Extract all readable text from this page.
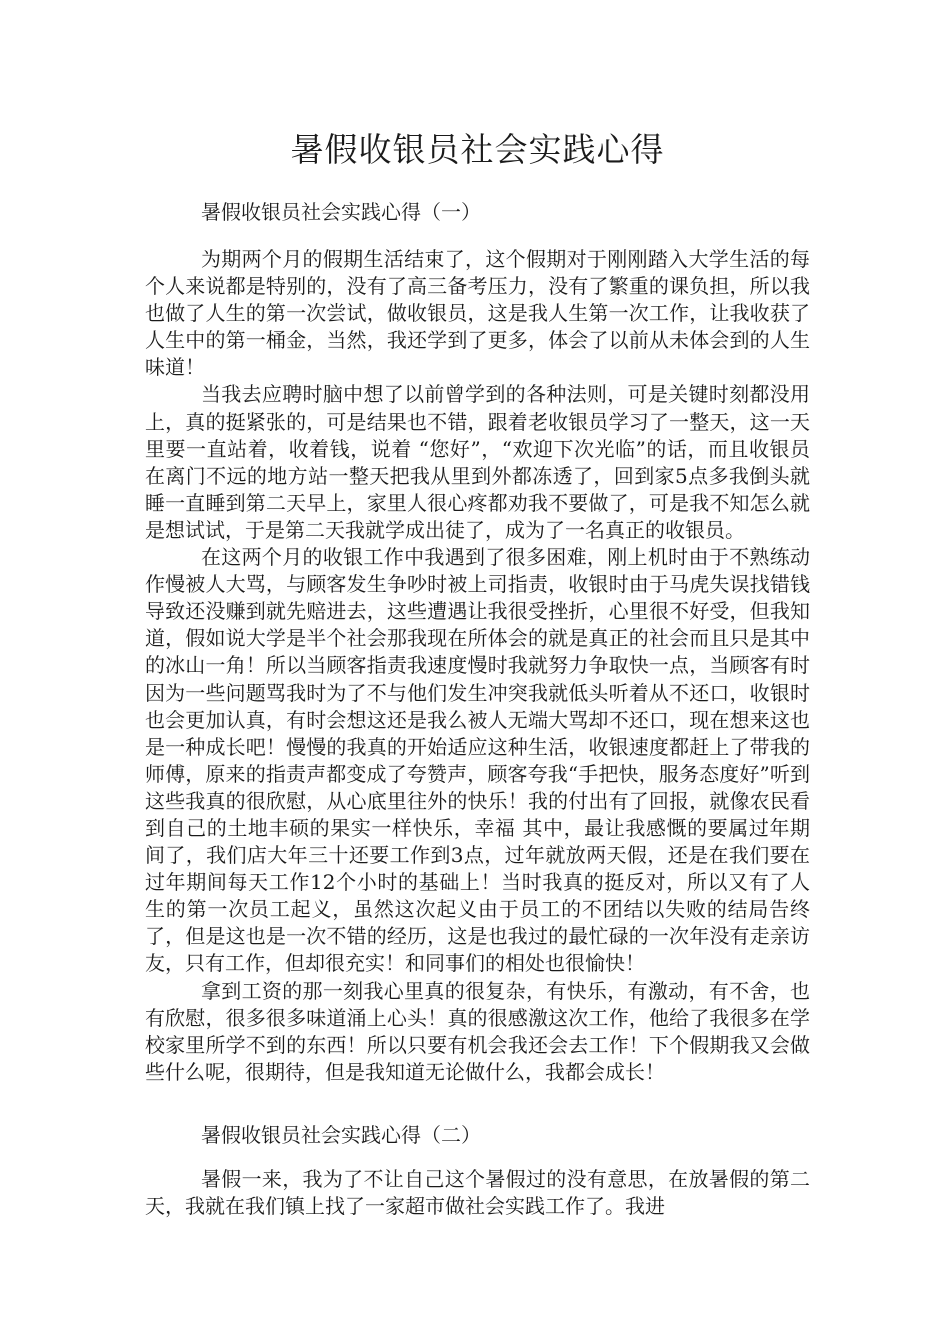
暑假收银员社会实践心得
暑假收银员社会实践心得（一）

为期两个月的假期生活结束了，这个假期对于刚刚踏入大学生活的每个人来说都是特别的，没有了高三备考压力，没有了繁重的课负担，所以我也做了人生的第一次尝试，做收银员，这是我人生第一次工作，让我收获了人生中的第一桶金，当然，我还学到了更多，体会了以前从未体会到的人生味道！

当我去应聘时脑中想了以前曾学到的各种法则，可是关键时刻都没用上，真的挺紧张的，可是结果也不错，跟着老收银员学习了一整天，这一天里要一直站着，收着钱，说着 “您好”，“欢迎下次光临”的话，而且收银员在离门不远的地方站一整天把我从里到外都冻透了，回到家5点多我倒头就睡一直睡到第二天早上，家里人很心疼都劝我不要做了，可是我不知怎么就是想试试，于是第二天我就学成出徒了，成为了一名真正的收银员。

在这两个月的收银工作中我遇到了很多困难，刚上机时由于不熟练动作慢被人大骂，与顾客发生争吵时被上司指责，收银时由于马虎失误找错钱导致还没赚到就先赔进去，这些遭遇让我很受挫折，心里很不好受，但我知道，假如说大学是半个社会那我现在所体会的就是真正的社会而且只是其中的冰山一角！所以当顾客指责我速度慢时我就努力争取快一点，当顾客有时因为一些问题骂我时为了不与他们发生冲突我就低头听着从不还口，收银时也会更加认真，有时会想这还是我么被人无端大骂却不还口，现在想来这也是一种成长吧！慢慢的我真的开始适应这种生活，收银速度都赶上了带我的师傅，原来的指责声都变成了夸赞声，顾客夸我“手把快，服务态度好”听到这些我真的很欣慰，从心底里往外的快乐！我的付出有了回报，就像农民看到自己的土地丰硕的果实一样快乐，幸福 其中，最让我感慨的要属过年期间了，我们店大年三十还要工作到3点，过年就放两天假，还是在我们要在过年期间每天工作12个小时的基础上！当时我真的挺反对，所以又有了人生的第一次员工起义，虽然这次起义由于员工的不团结以失败的结局告终了，但是这也是一次不错的经历，这是也我过的最忙碌的一次年没有走亲访友，只有工作，但却很充实！和同事们的相处也很愉快！

拿到工资的那一刻我心里真的很复杂，有快乐，有激动，有不舍，也有欣慰，很多很多味道涌上心头！真的很感激这次工作，他给了我很多在学校家里所学不到的东西！所以只要有机会我还会去工作！下个假期我又会做些什么呢，很期待，但是我知道无论做什么，我都会成长！

暑假收银员社会实践心得（二）

暑假一来，我为了不让自己这个暑假过的没有意思，在放暑假的第二天，我就在我们镇上找了一家超市做社会实践工作了。我进
